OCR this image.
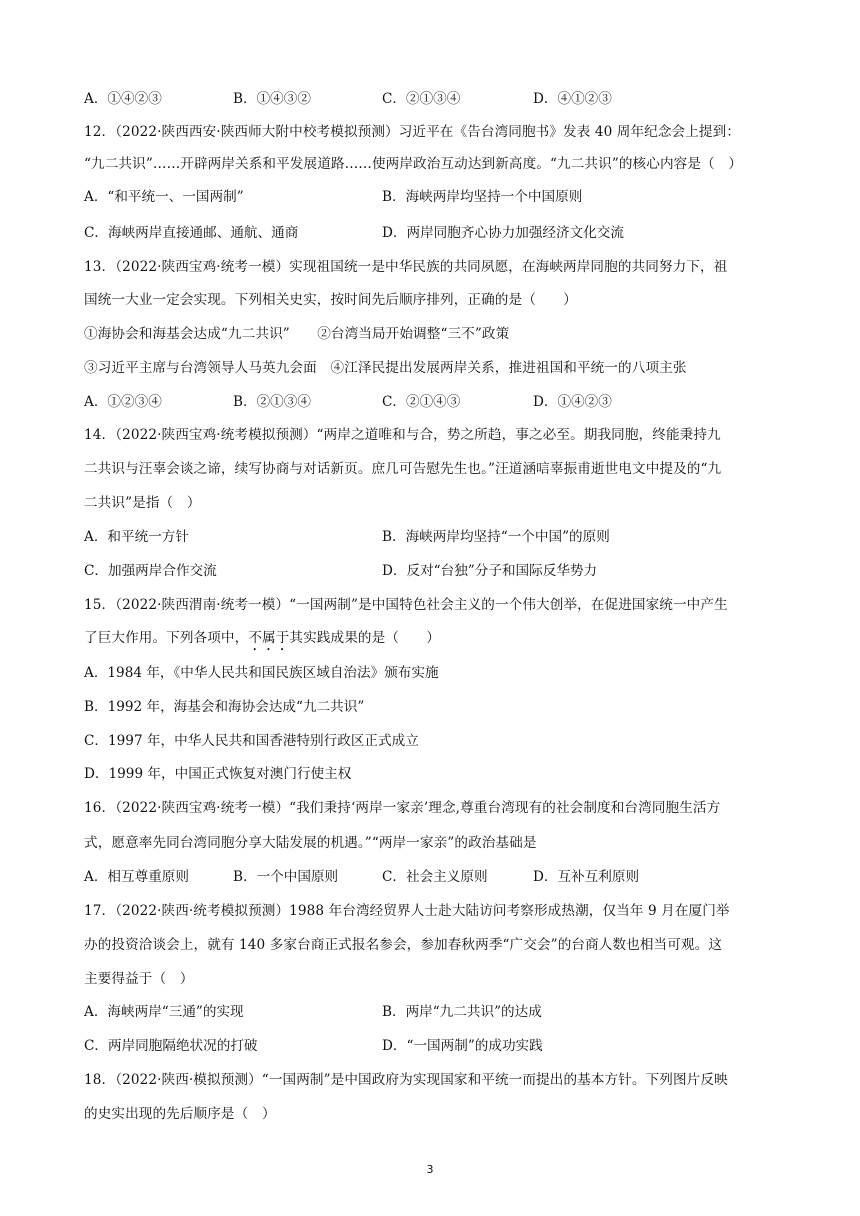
A．①④②③	B．①④③②	C．②①③④	D．④①②③
12．（2022·陕西西安·陕西师大附中校考模拟预测）习近平在《告台湾同胞书》发表 40 周年纪念会上提到：
“九二共识”……开辟两岸关系和平发展道路……使两岸政治互动达到新高度。“九二共识”的核心内容是（　）
A．“和平统一、一国两制”	B．海峡两岸均坚持一个中国原则
C．海峡两岸直接通邮、通航、通商	D．两岸同胞齐心协力加强经济文化交流
13．（2022·陕西宝鸡·统考一模）实现祖国统一是中华民族的共同夙愿，在海峡两岸同胞的共同努力下，祖
国统一大业一定会实现。下列相关史实，按时间先后顺序排列，正确的是（　　）
①海协会和海基会达成“九二共识”　　②台湾当局开始调整“三不”政策
③习近平主席与台湾领导人马英九会面　④江泽民提出发展两岸关系，推进祖国和平统一的八项主张
A．①②③④	B．②①③④	C．②①④③	D．①④②③
14．（2022·陕西宝鸡·统考模拟预测）“两岸之道唯和与合，势之所趋，事之必至。期我同胞，终能秉持九
二共识与汪辜会谈之谛，续写协商与对话新页。庶几可告慰先生也。”汪道涵唁辜振甫逝世电文中提及的“九
二共识”是指（　）
A．和平统一方针	B．海峡两岸均坚持“一个中国”的原则
C．加强两岸合作交流	D．反对“台独”分子和国际反华势力
15．（2022·陕西渭南·统考一模）“一国两制”是中国特色社会主义的一个伟大创举，在促进国家统一中产生
了巨大作用。下列各项中，不属于其实践成果的是（　　）
A．1984 年，《中华人民共和国民族区域自治法》颁布实施
B．1992 年，海基会和海协会达成“九二共识”
C．1997 年，中华人民共和国香港特别行政区正式成立
D．1999 年，中国正式恢复对澳门行使主权
16．（2022·陕西宝鸡·统考一模）“我们秉持‘两岸一家亲’理念,尊重台湾现有的社会制度和台湾同胞生活方
式，愿意率先同台湾同胞分享大陆发展的机遇。”“两岸一家亲”的政治基础是
A．相互尊重原则	B．一个中国原则	C．社会主义原则	D．互补互利原则
17．（2022·陕西·统考模拟预测）1988 年台湾经贸界人士赴大陆访问考察形成热潮，仅当年 9 月在厦门举
办的投资洽谈会上，就有 140 多家台商正式报名参会，参加春秋两季“广交会”的台商人数也相当可观。这
主要得益于（　）
A．海峡两岸“三通”的实现	B．两岸“九二共识”的达成
C．两岸同胞隔绝状况的打破	D．“一国两制”的成功实践
18．（2022·陕西·模拟预测）“一国两制”是中国政府为实现国家和平统一而提出的基本方针。下列图片反映
的史实出现的先后顺序是（　）
3
